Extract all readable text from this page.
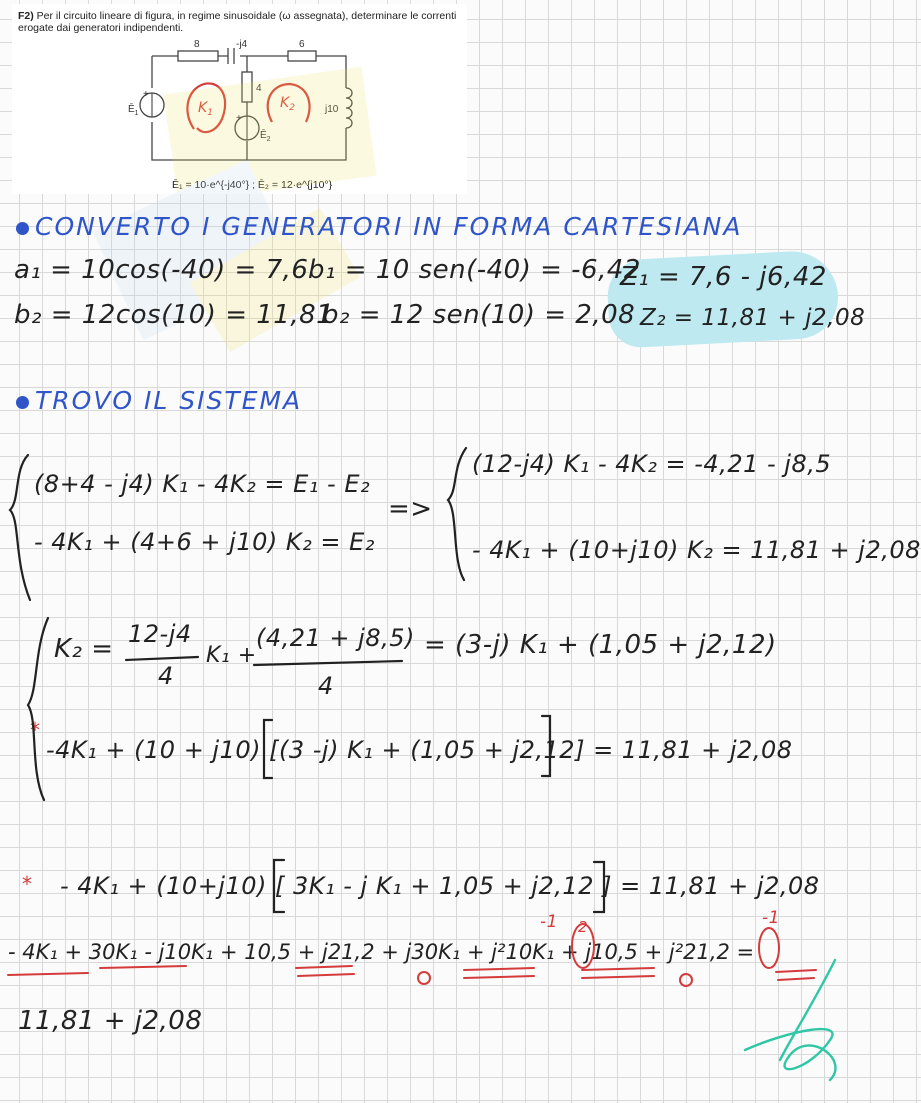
F2) Per il circuito lineare di figura, in regime sinusoidale (ω assegnata), determinare le correnti erogate dai generatori indipendenti.
8	-j4	6
4
j10
+
+
$Ē_1$
$Ē_2$
$K_1$
$K_2$
Ē₁ = 10·e^{-j40°} ; Ē₂ = 12·e^{j10°}
CONVERTO I GENERATORI IN FORMA CARTESIANA
a₁ = 10cos(-40) = 7,6 b₁ = 10 sen(-40) = -6,42
Z₁ = 7,6 - j6,42
b₂ = 12cos(10) = 11,81
b₂ = 12 sen(10) = 2,08 Z₂ = 11,81 + j2,08
TROVO IL SISTEMA
(8+4 - j4) K₁ - 4K₂ = E₁ - E₂
- 4K₁ + (4+6 + j10) K₂ = E₂
=>
(12-j4) K₁ - 4K₂ = -4,21 - j8,5
- 4K₁ + (10+j10) K₂ = 11,81 + j2,08
K₂ = 12-j4
4
K₁ +
(4,21 + j8,5)
4
= (3-j) K₁ + (1,05 + j2,12)
*
-4K₁ + (10 + j10) [(3 -j) K₁ + (1,05 + j2,12] = 11,81 + j2,08
* - 4K₁ + (10+j10) [ 3K₁ - j K₁ + 1,05 + j2,12 ] = 11,81 + j2,08
-1 2	-1
- 4K₁ + 30K₁ - j10K₁ + 10,5 + j21,2 + j30K₁ + j²10K₁ + j10,5 + j²21,2 =
11,81 + j2,08
